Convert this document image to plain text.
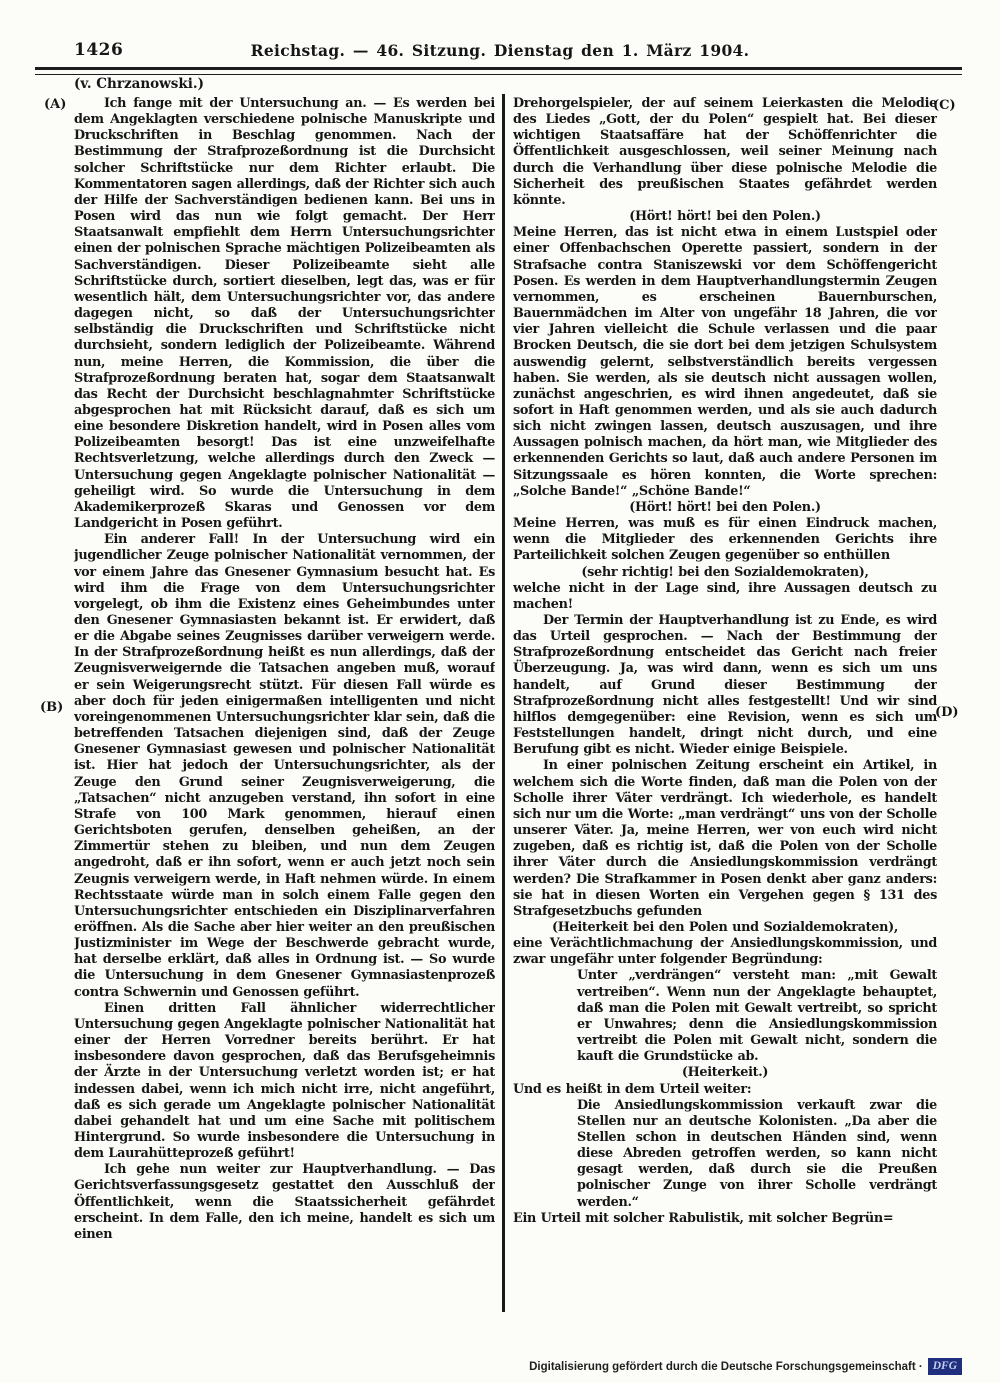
1426	Reichstag. — 46. Sitzung. Dienstag den 1. März 1904.
(v. Chrzanowski.)
(A)
(B)
(C)
(D)

Ich fange mit der Untersuchung an. — Es werden bei dem Angeklagten verschiedene polnische Manuskripte und Druckschriften in Beschlag genommen. Nach der Bestimmung der Strafprozeßordnung ist die Durchsicht solcher Schriftstücke nur dem Richter erlaubt. Die Kommentatoren sagen allerdings, daß der Richter sich auch der Hilfe der Sachverständigen bedienen kann. Bei uns in Posen wird das nun wie folgt gemacht. Der Herr Staatsanwalt empfiehlt dem Herrn Untersuchungsrichter einen der polnischen Sprache mächtigen Polizeibeamten als Sachverständigen. Dieser Polizeibeamte sieht alle Schriftstücke durch, sortiert dieselben, legt das, was er für wesentlich hält, dem Untersuchungsrichter vor, das andere dagegen nicht, so daß der Untersuchungsrichter selbständig die Druckschriften und Schriftstücke nicht durchsieht, sondern lediglich der Polizeibeamte. Während nun, meine Herren, die Kommission, die über die Strafprozeßordnung beraten hat, sogar dem Staatsanwalt das Recht der Durchsicht beschlagnahmter Schriftstücke abgesprochen hat mit Rücksicht darauf, daß es sich um eine besondere Diskretion handelt, wird in Posen alles vom Polizeibeamten besorgt! Das ist eine unzweifelhafte Rechtsverletzung, welche allerdings durch den Zweck — Untersuchung gegen Angeklagte polnischer Nationalität — geheiligt wird. So wurde die Untersuchung in dem Akademikerprozeß Skaras und Genossen vor dem Landgericht in Posen geführt.

Ein anderer Fall! In der Untersuchung wird ein jugendlicher Zeuge polnischer Nationalität vernommen, der vor einem Jahre das Gnesener Gymnasium besucht hat. Es wird ihm die Frage von dem Untersuchungsrichter vorgelegt, ob ihm die Existenz eines Geheimbundes unter den Gnesener Gymnasiasten bekannt ist. Er erwidert, daß er die Abgabe seines Zeugnisses darüber verweigern werde. In der Strafprozeßordnung heißt es nun allerdings, daß der Zeugnisverweigernde die Tatsachen angeben muß, worauf er sein Weigerungsrecht stützt. Für diesen Fall würde es aber doch für jeden einigermaßen intelligenten und nicht voreingenommenen Untersuchungsrichter klar sein, daß die betreffenden Tatsachen diejenigen sind, daß der Zeuge Gnesener Gymnasiast gewesen und polnischer Nationalität ist. Hier hat jedoch der Untersuchungsrichter, als der Zeuge den Grund seiner Zeugnisverweigerung, die „Tatsachen“ nicht anzugeben verstand, ihn sofort in eine Strafe von 100 Mark genommen, hierauf einen Gerichtsboten gerufen, denselben geheißen, an der Zimmertür stehen zu bleiben, und nun dem Zeugen angedroht, daß er ihn sofort, wenn er auch jetzt noch sein Zeugnis verweigern werde, in Haft nehmen würde. In einem Rechtsstaate würde man in solch einem Falle gegen den Untersuchungsrichter entschieden ein Disziplinarverfahren eröffnen. Als die Sache aber hier weiter an den preußischen Justizminister im Wege der Beschwerde gebracht wurde, hat derselbe erklärt, daß alles in Ordnung ist. — So wurde die Untersuchung in dem Gnesener Gymnasiastenprozeß contra Schwernin und Genossen geführt.

Einen dritten Fall ähnlicher widerrechtlicher Untersuchung gegen Angeklagte polnischer Nationalität hat einer der Herren Vorredner bereits berührt. Er hat insbesondere davon gesprochen, daß das Berufsgeheimnis der Ärzte in der Untersuchung verletzt worden ist; er hat indessen dabei, wenn ich mich nicht irre, nicht angeführt, daß es sich gerade um Angeklagte polnischer Nationalität dabei gehandelt hat und um eine Sache mit politischem Hintergrund. So wurde insbesondere die Untersuchung in dem Laurahütteprozeß geführt!

Ich gehe nun weiter zur Hauptverhandlung. — Das Gerichtsverfassungsgesetz gestattet den Ausschluß der Öffentlichkeit, wenn die Staatssicherheit gefährdet erscheint. In dem Falle, den ich meine, handelt es sich um einen

Drehorgelspieler, der auf seinem Leierkasten die Melodie des Liedes „Gott, der du Polen“ gespielt hat. Bei dieser wichtigen Staatsaffäre hat der Schöffenrichter die Öffentlichkeit ausgeschlossen, weil seiner Meinung nach durch die Verhandlung über diese polnische Melodie die Sicherheit des preußischen Staates gefährdet werden könnte.

(Hört! hört! bei den Polen.)

Meine Herren, das ist nicht etwa in einem Lustspiel oder einer Offenbachschen Operette passiert, sondern in der Strafsache contra Staniszewski vor dem Schöffengericht Posen. Es werden in dem Hauptverhandlungstermin Zeugen vernommen, es erscheinen Bauernburschen, Bauernmädchen im Alter von ungefähr 18 Jahren, die vor vier Jahren vielleicht die Schule verlassen und die paar Brocken Deutsch, die sie dort bei dem jetzigen Schulsystem auswendig gelernt, selbstverständlich bereits vergessen haben. Sie werden, als sie deutsch nicht aussagen wollen, zunächst angeschrien, es wird ihnen angedeutet, daß sie sofort in Haft genommen werden, und als sie auch dadurch sich nicht zwingen lassen, deutsch auszusagen, und ihre Aussagen polnisch machen, da hört man, wie Mitglieder des erkennenden Gerichts so laut, daß auch andere Personen im Sitzungssaale es hören konnten, die Worte sprechen: „Solche Bande!“ „Schöne Bande!“

(Hört! hört! bei den Polen.)

Meine Herren, was muß es für einen Eindruck machen, wenn die Mitglieder des erkennenden Gerichts ihre Parteilichkeit solchen Zeugen gegenüber so enthüllen

(sehr richtig! bei den Sozialdemokraten),

welche nicht in der Lage sind, ihre Aussagen deutsch zu machen!

Der Termin der Hauptverhandlung ist zu Ende, es wird das Urteil gesprochen. — Nach der Bestimmung der Strafprozeßordnung entscheidet das Gericht nach freier Überzeugung. Ja, was wird dann, wenn es sich um uns handelt, auf Grund dieser Bestimmung der Strafprozeßordnung nicht alles festgestellt! Und wir sind hilflos demgegenüber: eine Revision, wenn es sich um Feststellungen handelt, dringt nicht durch, und eine Berufung gibt es nicht. Wieder einige Beispiele.

In einer polnischen Zeitung erscheint ein Artikel, in welchem sich die Worte finden, daß man die Polen von der Scholle ihrer Väter verdrängt. Ich wiederhole, es handelt sich nur um die Worte: „man verdrängt“ uns von der Scholle unserer Väter. Ja, meine Herren, wer von euch wird nicht zugeben, daß es richtig ist, daß die Polen von der Scholle ihrer Väter durch die Ansiedlungskommission verdrängt werden? Die Strafkammer in Posen denkt aber ganz anders: sie hat in diesen Worten ein Vergehen gegen § 131 des Strafgesetzbuchs gefunden

(Heiterkeit bei den Polen und Sozialdemokraten),

eine Verächtlichmachung der Ansiedlungskommission, und zwar ungefähr unter folgender Begründung:

Unter „verdrängen“ versteht man: „mit Gewalt vertreiben“. Wenn nun der Angeklagte behauptet, daß man die Polen mit Gewalt vertreibt, so spricht er Unwahres; denn die Ansiedlungskommission vertreibt die Polen mit Gewalt nicht, sondern die kauft die Grundstücke ab.

(Heiterkeit.)

Und es heißt in dem Urteil weiter:

Die Ansiedlungskommission verkauft zwar die Stellen nur an deutsche Kolonisten. „Da aber die Stellen schon in deutschen Händen sind, wenn diese Abreden getroffen werden, so kann nicht gesagt werden, daß durch sie die Preußen polnischer Zunge von ihrer Scholle verdrängt werden.“

Ein Urteil mit solcher Rabulistik, mit solcher Begrün=

Digitalisierung gefördert durch die Deutsche Forschungsgemeinschaft · DFG
